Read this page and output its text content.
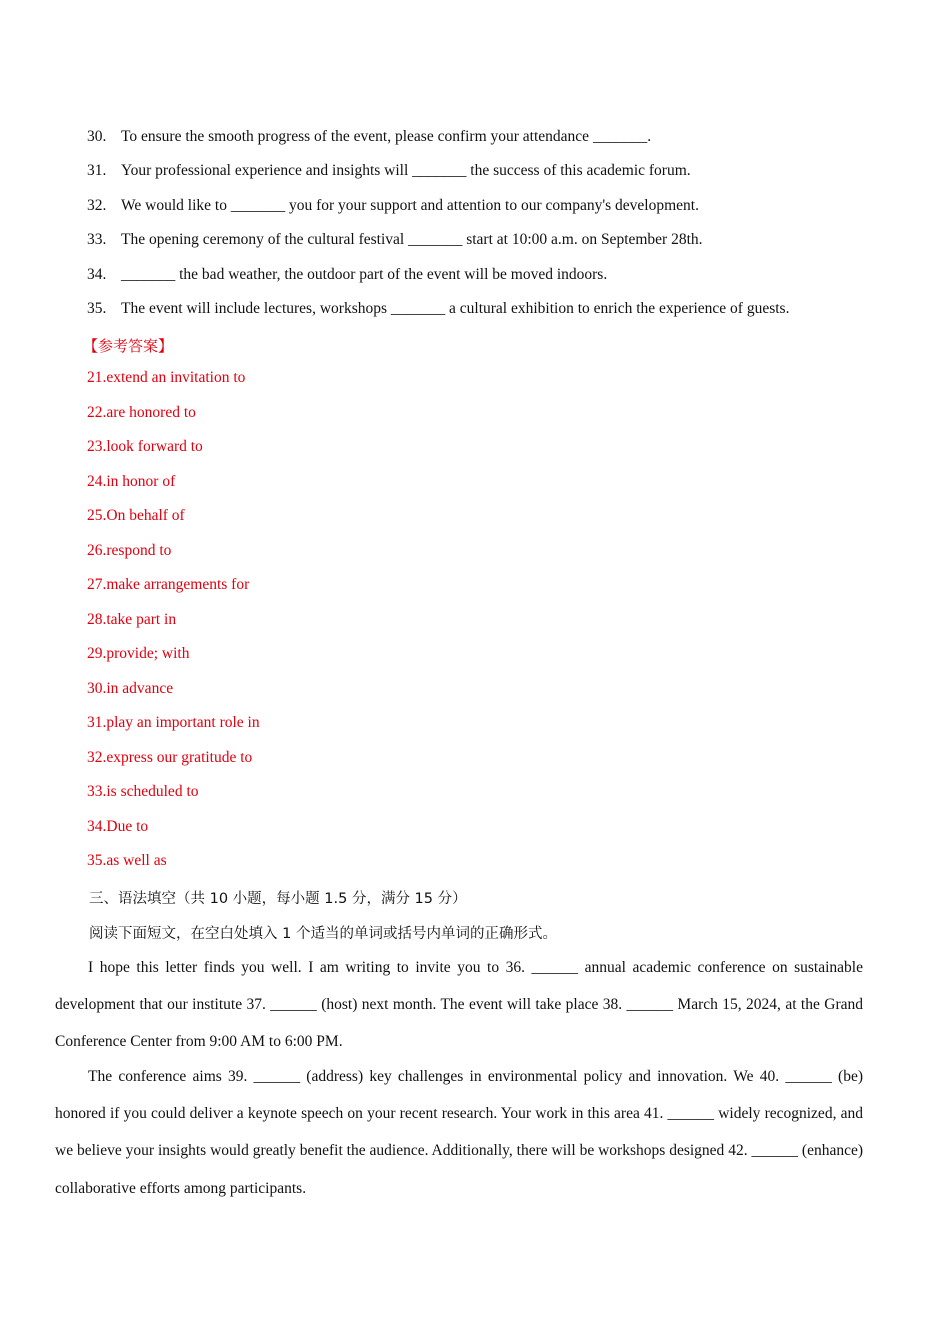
30. To ensure the smooth progress of the event, please confirm your attendance _______.
31. Your professional experience and insights will _______ the success of this academic forum.
32. We would like to _______ you for your support and attention to our company's development.
33. The opening ceremony of the cultural festival _______ start at 10:00 a.m. on September 28th.
34. _______ the bad weather, the outdoor part of the event will be moved indoors.
35. The event will include lectures, workshops _______ a cultural exhibition to enrich the experience of guests.
【参考答案】
21.extend an invitation to
22.are honored to
23.look forward to
24.in honor of
25.On behalf of
26.respond to
27.make arrangements for
28.take part in
29.provide; with
30.in advance
31.play an important role in
32.express our gratitude to
33.is scheduled to
34.Due to
35.as well as
三、语法填空（共 10 小题，每小题 1.5 分，满分 15 分）
阅读下面短文，在空白处填入 1 个适当的单词或括号内单词的正确形式。

I hope this letter finds you well. I am writing to invite you to 36. ______ annual academic conference on sustainable development that our institute 37. ______ (host) next month. The event will take place 38. ______ March 15, 2024, at the Grand Conference Center from 9:00 AM to 6:00 PM.

The conference aims 39. ______ (address) key challenges in environmental policy and innovation. We 40. ______ (be) honored if you could deliver a keynote speech on your recent research. Your work in this area 41. ______ widely recognized, and we believe your insights would greatly benefit the audience. Additionally, there will be workshops designed 42. ______ (enhance) collaborative efforts among participants.
